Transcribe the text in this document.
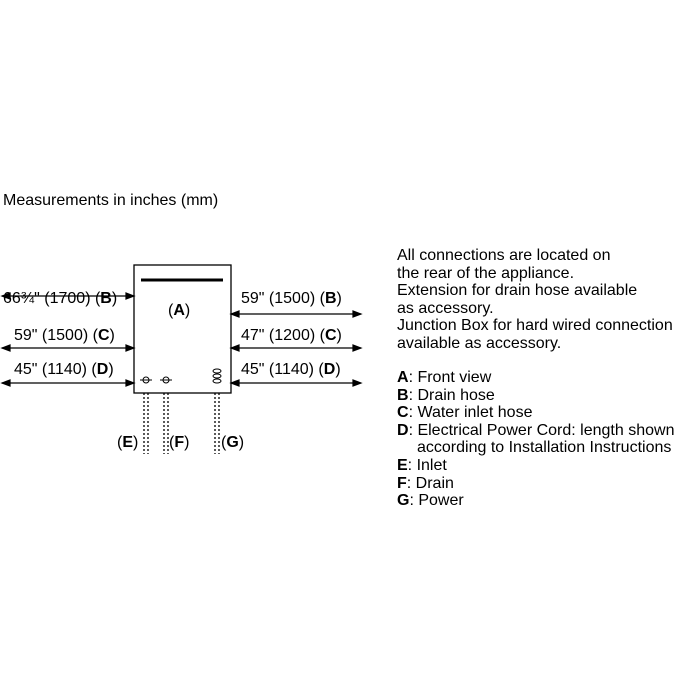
Measurements in inches (mm)
(A)
66¾" (1700) (B)
59" (1500) (C)
45" (1140) (D)
59" (1500) (B)
47" (1200) (C)
45" (1140) (D)
(E) (F) (G)
All connections are located on
the rear of the appliance.
Extension for drain hose available
as accessory.
Junction Box for hard wired connection
available as accessory.
A: Front view
B: Drain hose
C: Water inlet hose
D: Electrical Power Cord: length shown
according to Installation Instructions
E: Inlet
F: Drain
G: Power
